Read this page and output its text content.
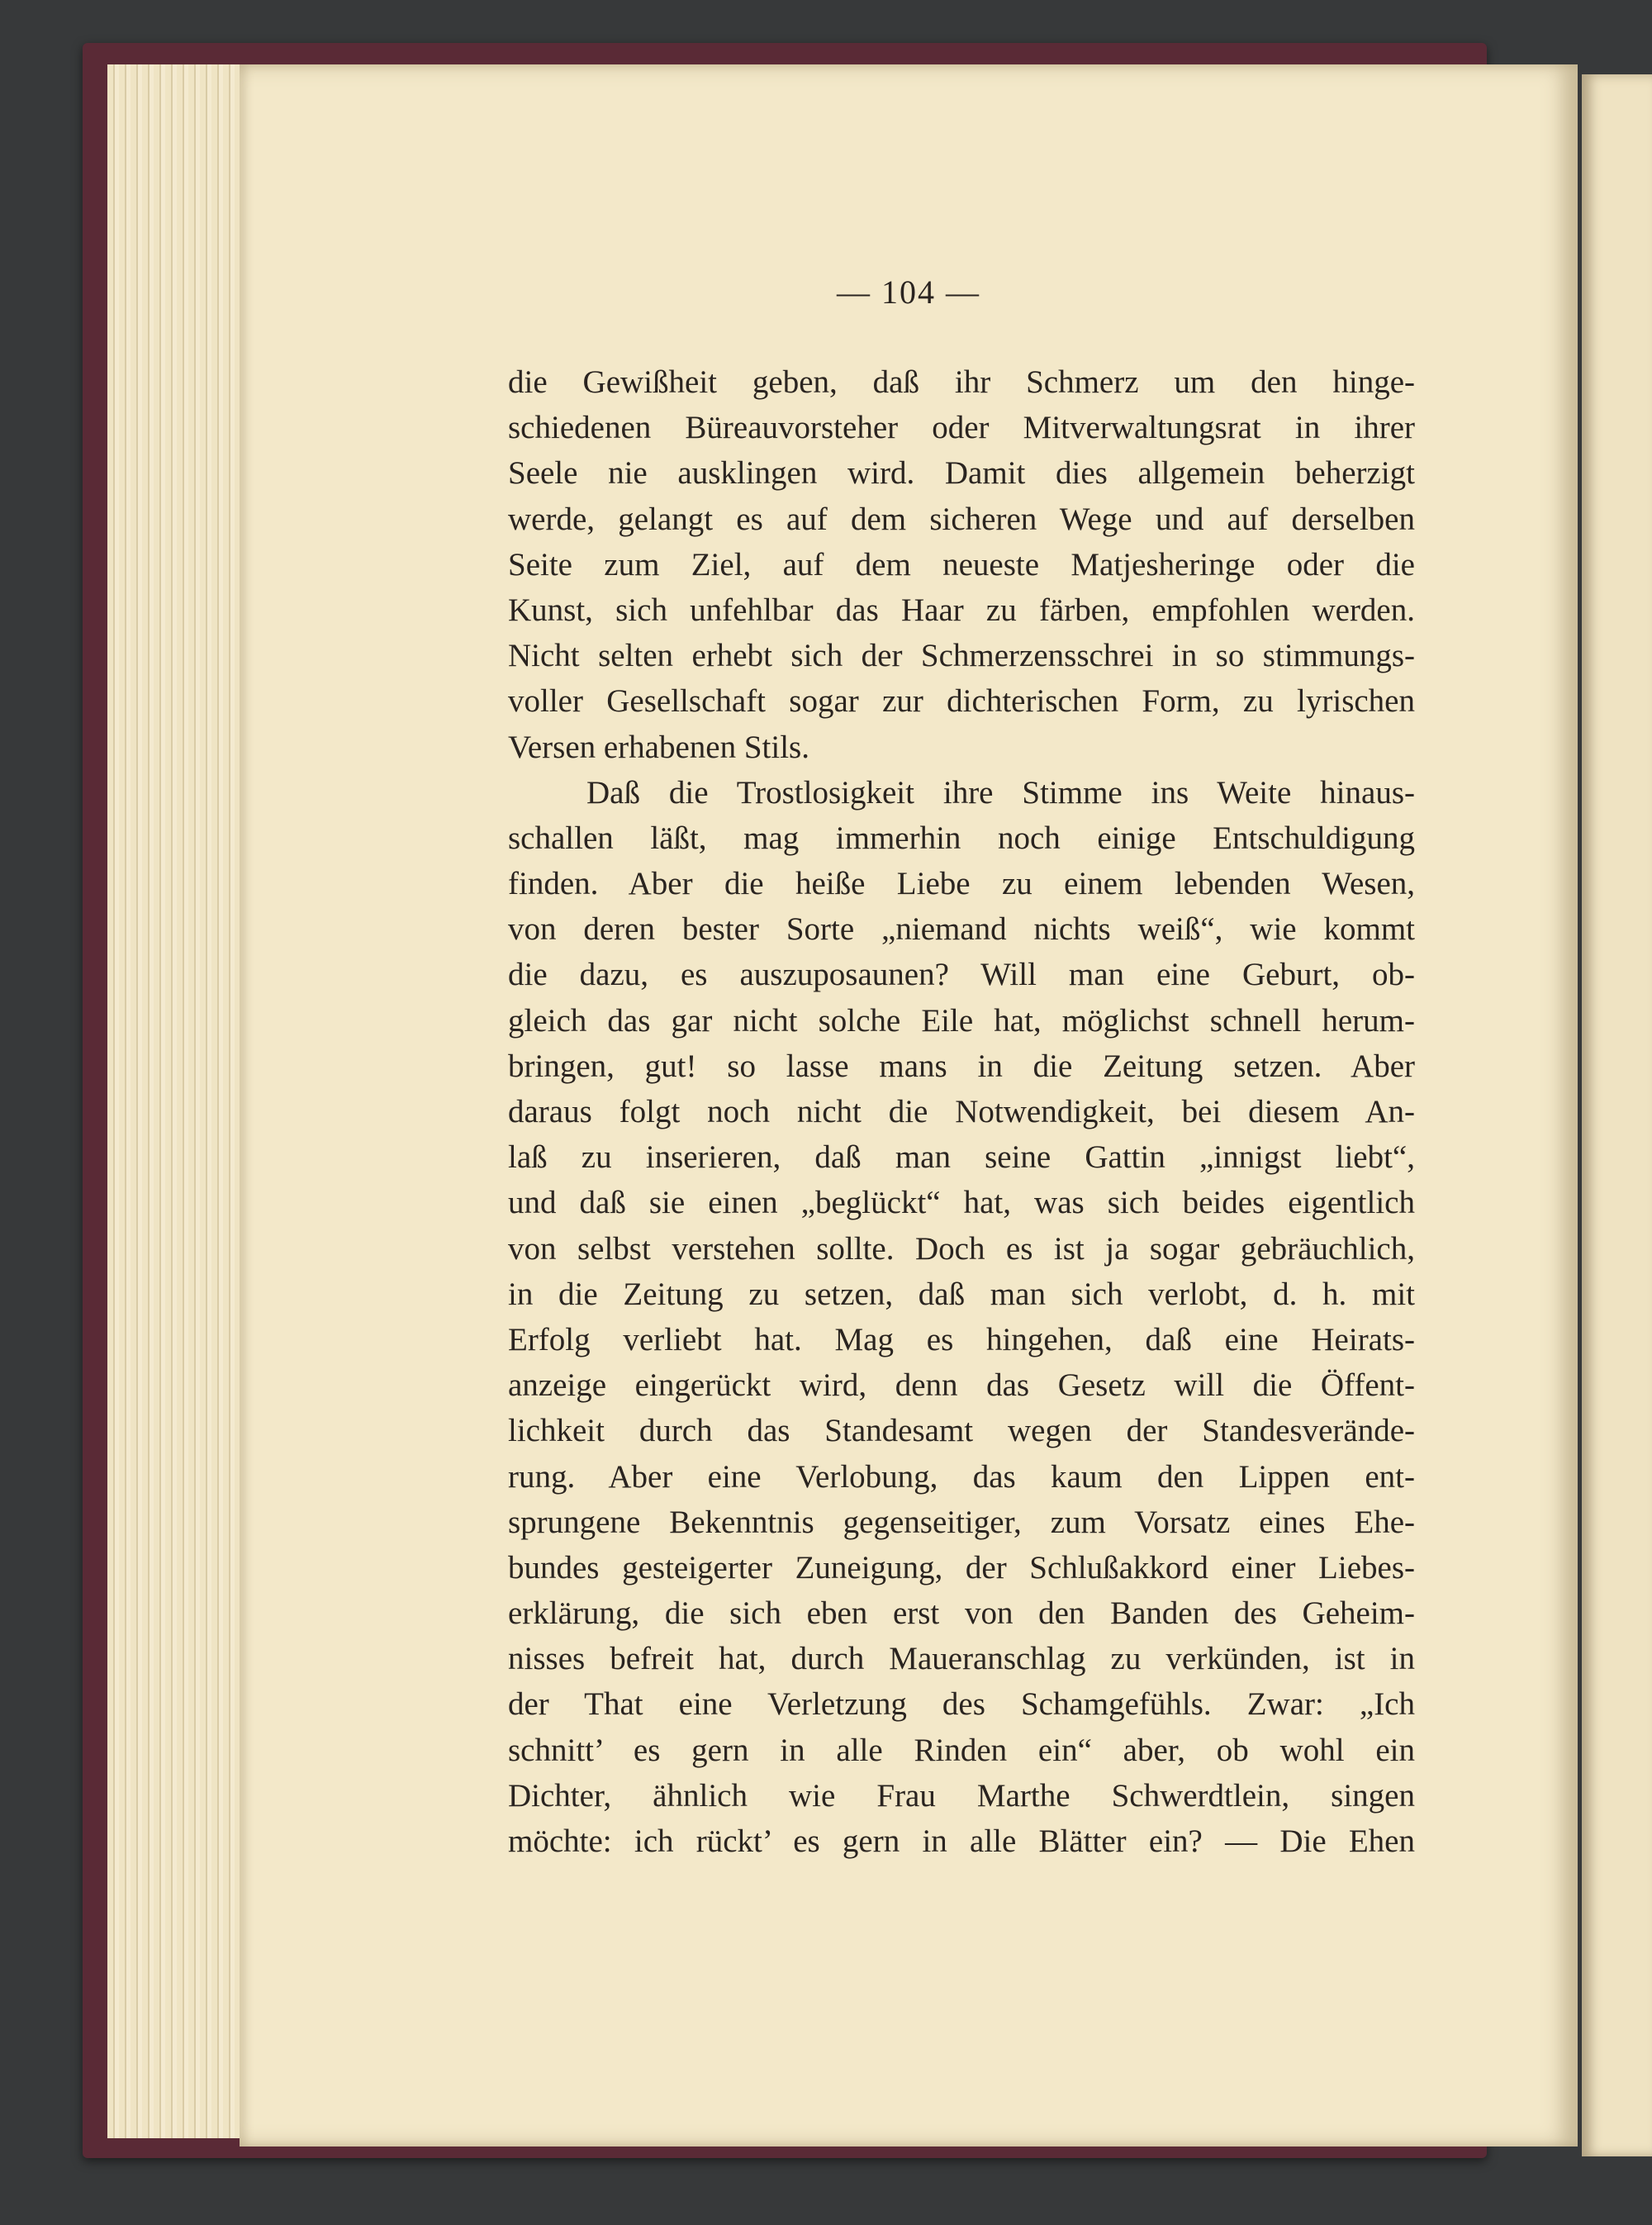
— 104 —
die Gewißheit geben, daß ihr Schmerz um den hinge-
schiedenen Büreauvorsteher oder Mitverwaltungsrat in ihrer
Seele nie ausklingen wird. Damit dies allgemein beherzigt
werde, gelangt es auf dem sicheren Wege und auf derselben
Seite zum Ziel, auf dem neueste Matjesheringe oder die
Kunst, sich unfehlbar das Haar zu färben, empfohlen werden.
Nicht selten erhebt sich der Schmerzensschrei in so stimmungs-
voller Gesellschaft sogar zur dichterischen Form, zu lyrischen
Versen erhabenen Stils.
Daß die Trostlosigkeit ihre Stimme ins Weite hinaus-
schallen läßt, mag immerhin noch einige Entschuldigung
finden. Aber die heiße Liebe zu einem lebenden Wesen,
von deren bester Sorte „niemand nichts weiß“, wie kommt
die dazu, es auszuposaunen? Will man eine Geburt, ob-
gleich das gar nicht solche Eile hat, möglichst schnell herum-
bringen, gut! so lasse mans in die Zeitung setzen. Aber
daraus folgt noch nicht die Notwendigkeit, bei diesem An-
laß zu inserieren, daß man seine Gattin „innigst liebt“,
und daß sie einen „beglückt“ hat, was sich beides eigentlich
von selbst verstehen sollte. Doch es ist ja sogar gebräuchlich,
in die Zeitung zu setzen, daß man sich verlobt, d. h. mit
Erfolg verliebt hat. Mag es hingehen, daß eine Heirats-
anzeige eingerückt wird, denn das Gesetz will die Öffent-
lichkeit durch das Standesamt wegen der Standesverände-
rung. Aber eine Verlobung, das kaum den Lippen ent-
sprungene Bekenntnis gegenseitiger, zum Vorsatz eines Ehe-
bundes gesteigerter Zuneigung, der Schlußakkord einer Liebes-
erklärung, die sich eben erst von den Banden des Geheim-
nisses befreit hat, durch Maueranschlag zu verkünden, ist in
der That eine Verletzung des Schamgefühls. Zwar: „Ich
schnitt’ es gern in alle Rinden ein“ aber, ob wohl ein
Dichter, ähnlich wie Frau Marthe Schwerdtlein, singen
möchte: ich rückt’ es gern in alle Blätter ein? — Die Ehen
